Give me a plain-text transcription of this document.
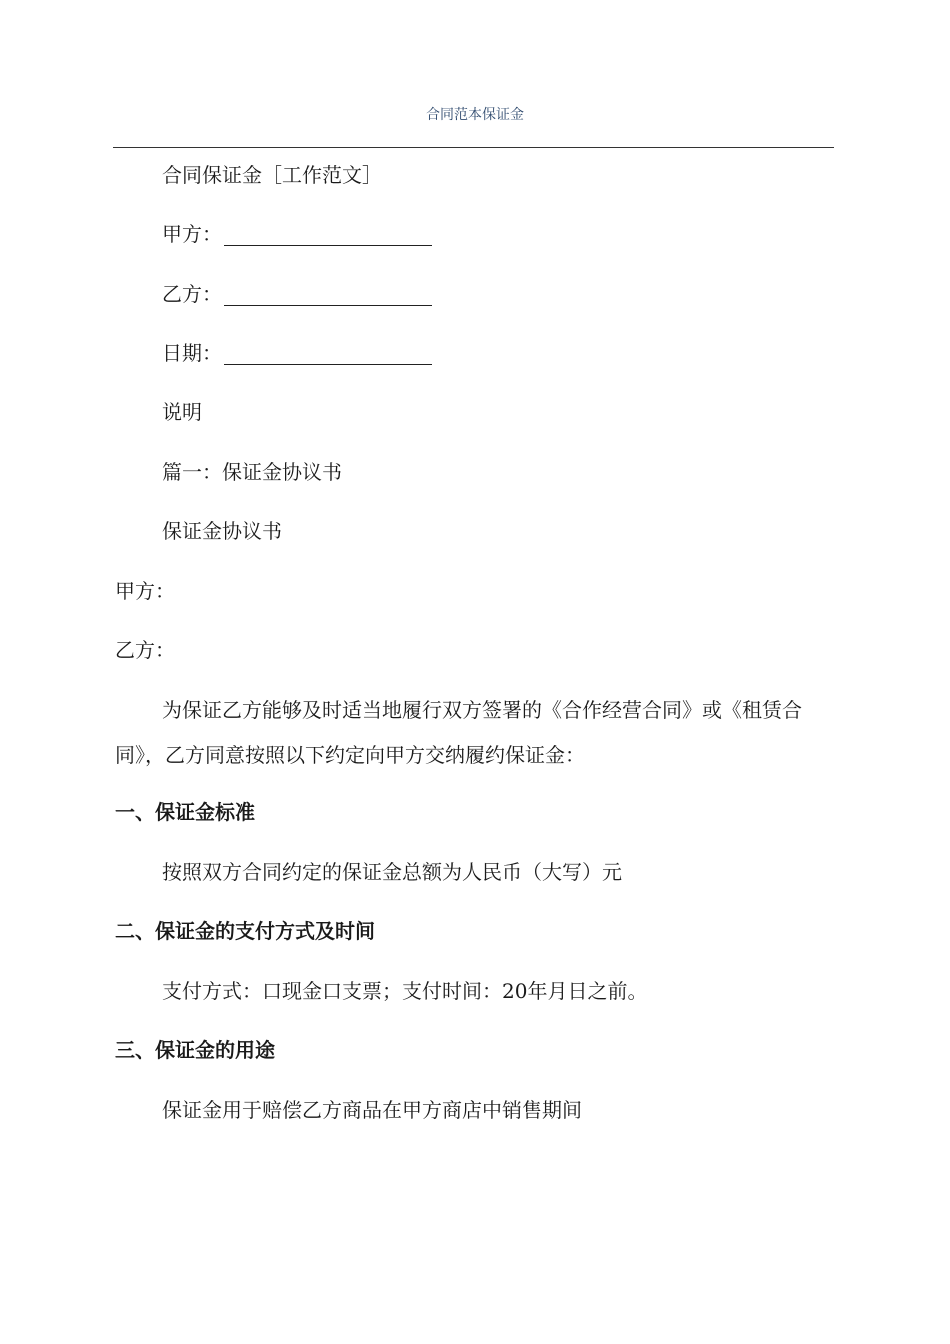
合同范本保证金
合同保证金［工作范文］
甲方：
乙方：
日期：
说明
篇一：保证金协议书
保证金协议书
甲方：
乙方：
为保证乙方能够及时适当地履行双方签署的《合作经营合同》或《租赁合同》，乙方同意按照以下约定向甲方交纳履约保证金：
一、保证金标准
按照双方合同约定的保证金总额为人民币（大写）元
二、保证金的支付方式及时间
支付方式：口现金口支票；支付时间：20年月日之前。
三、保证金的用途
保证金用于赔偿乙方商品在甲方商店中销售期间
